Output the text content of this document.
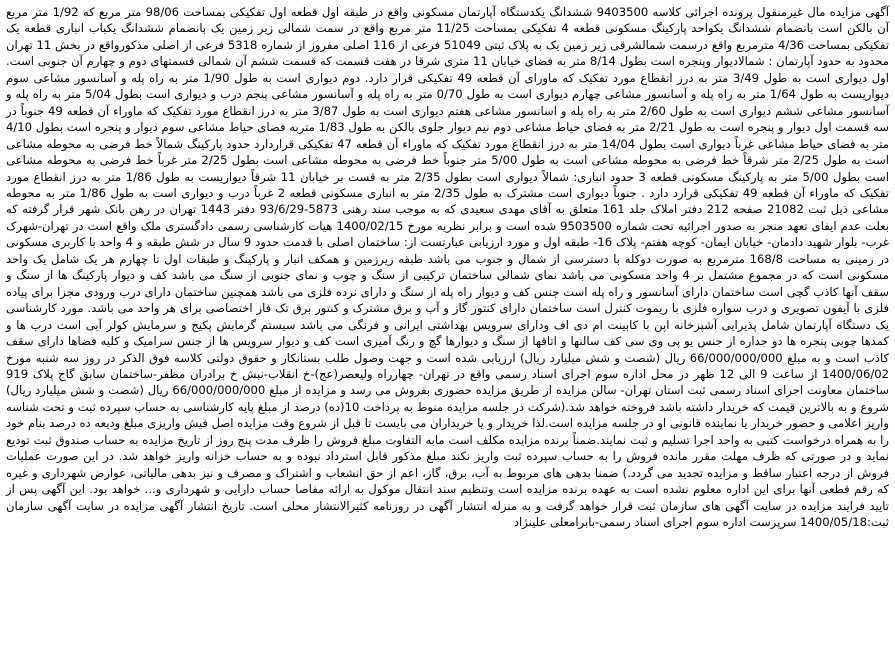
آگهی مزایده مال غیرمنقول پرونده اجرائی کلاسه 9403500 ششدانگ یکدستگاه آپارتمان مسکونی واقع در طبقه اول قطعه اول تفکیکی بمساحت 98/06 متر مربع که 1/92 متر مربع آن بالکن است بانضمام ششدانگ یکواحد پارکینگ مسکونی قطعه 4 تفکیکی بمساحت 11/25 متر مربع واقع در سمت شمالی زیر زمین یک بانضمام ششدانگ یکباب انباری قطعه یک تفکیکی بمساحت 4/36 مترمربع واقع درسمت شمالشرقی زیر زمین یک به پلاک ثبتی 51049 فرعی از 116 اصلی مفروز از شماره 5318 فرعی از اصلی مذکورواقع در بخش 11 تهران محدود به حدود آپارتمان : شمالادیوار وپنجره است بطول 8/14 متر به فضای خیابان 11 متری شرقا در هفت قسمت که قسمت ششم آن شمالی قسمتهای دوم و چهارم آن جنوبی است. اول دیواری است به طول 3/49 متر به درز انقطاع مورد تفکیک که ماورای آن قطعه 49 تفکیکی قرار دارد. دوم دیواری است به طول 1/90 متر به راه پله و آسانسور مشاعی سوم دیواریست به طول 1/64 متر به راه پله و آسانسور مشاعی چهارم دیواری است به طول 0/70 متر به راه پله و آسانسور مشاعی پنجم درب و دیواری است بطول 5/04 متر به راه پله و آسانسور مشاعی ششم دیواری است به طول 2/60 متر به راه پله و اسانسور مشاعی هفتم دیواری است به طول 3/87 متر به درز انقطاع مورد تفکیک که ماوراء آن قطعه 49 جنوباً در سه قسمت اول دیوار و پنجره است به طول 2/21 متر به فضای حیاط مشاعی دوم نیم دیوار جلوی بالکن به طول 1/83 متربه فضای حیاط مشاعی سوم دیوار و پنجره است بطول 4/10 متر به فضای حیاط مشاعی غرباً دیواری است بطول 14/04 متر به درز انقطاع مورد تفکیک که ماوراء آن قطعه 47 تفکیکی قراردارد حدود پارکینگ شمالاً خط فرضی به محوطه مشاعی است به طول 2/25 متر شرقاً خط فرضی به محوطه مشاعی است به طول 5/00 متر جنوباً خط فرضی به محوطه مشاعی است بطول 2/25 متر غرباً خط فرضی به محوطه مشاعی است بطول 5/00 متر به پارکینگ مسکونی قطعه 3 حدود انباری: شمالاً دیواری است بطول 2/35 متر به قست بر خیابان 11 شرقاً دیواریست به طول 1/86 متر به درز انقطاع مورد تفکیک که ماوراء آن قطعه 49 تفکیکی قرارد دارد . جنوباً دیواری است مشترک به طول 2/35 متر به انباری مسکونی قطعه 2 غرباً درب و دیواری است به طول 1/86 متر به محوطه مشاعی ذیل ثبت 21082 صفحه 212 دفتر املاک جلد 161 متعلق به آقای مهدی سعیدی که به موجب سند رهنی 5873-93/6/29 دفتر 1443 تهران در رهن بانک شهر قرار گرفته که بعلت عدم ایفای تعهد منجر به صدور اجرائیه تحت شماره 9503500 شده است و برابر نظریه مورخ 1400/02/15 هیات کارشناسی رسمی دادگستری ملک واقع است در تهران-شهرک غرب- بلوار شهید دادمان- خیابان ایمان- کوچه هفتم- پلاک 16- طبقه اول و مورد ارزیابی عبارتست از: ساختمان اصلی با قدمت حدود 9 سال در شش طبقه و 4 واحد با کاربری مسکونی در زمینی به مساحت 168/8 مترمربع به صورت دوکله با دسترسی از شمال و جنوب می باشد طبقه زیرزمین و همکف انبار و پارکینگ و طبقات اول تا چهارم هر یک شامل یک واحد مسکونی است که در مجموع مشتمل بر 4 واحد مسکونی می باشد نمای شمالی ساختمان ترکیبی از سنگ و چوب و نمای جنوبی از سنگ می باشد کف و دیوار پارکینگ ها از سنگ و سقف آنها کاذب گچی است ساختمان دارای آسانسور و راه پله است جنس کف و دیوار راه پله از سنگ و دارای نرده فلزی می باشد همچنین ساختمان دارای درب ورودی مجزا برای پیاده فلزی با آیفون تصویری و درب سواره فلزی با ریموت کنترل است ساختمان دارای کنتور گاز و آب و برق مشترک و کنتور برق تک فاز اختصاصی برای هر واحد می باشد. مورد کارشناسی یک دستگاه آپارتمان شامل پذیرایی آشپزخانه اپن با کابینت ام دی اف ودارای سرویس بهداشتی ایرانی و فرنگی می باشد سیستم گرمایش پکیج و سرمایش کولر آبی است درب ها و کمدها چوبی پنجره ها دو جداره از جنس یو پی وی سی کف سالنها و اتاقها از سنگ و دیوارها گچ و رنگ آمیزی است کف و دیوار سرویس ها از جنس سرامیک و کلیه فضاها دارای سقف کاذب است و به مبلغ 66/000/000/000 ریال (شصت و شش میلیارد ریال) ارزیابی شده است و جهت وصول طلب بستانکار و حقوق دولتی کلاسه فوق الذکر در روز سه شنبه مورخ 1400/06/02 از ساعت 9 الی 12 ظهر در محل اداره سوم اجرای اسناد رسمی واقع در تهران- چهارراه ولیعصر(عج)-خ انقلاب-نبش خ برادران مظفر-ساختمان سابق گاج پلاک 919 ساختمان معاونت اجرای اسناد رسمی ثبت استان تهران- سالن مزایده از طریق مزایده حضوری بفروش می رسد و مزایده از مبلغ 66/000/000/000 ریال (شصت و شش میلیارد ریال) شروع و به بالاترین قیمت که خریدار داشته باشد فروخته خواهد شد.(شرکت در جلسه مزایده منوط به پرداخت 10(ده) درصد از مبلغ پایه کارشناسی به حساب سپرده ثبت و تحت شناسه واریز اعلامی و حضور خریدار یا نماینده قانونی او در جلسه مزایده است.لذا خریدار و یا خریداران می بایست تا قبل از شروع وقت مزایده اصل فیش واریزی مبلغ ودیعه ده درصد بنام خود را به همراه درخواست کتبی به واحد اجرا تسلیم و ثبت نمایند.ضمناً برنده مزایده مکلف است مابه التفاوت مبلغ فروش را ظرف مدت پنج روز از تاریخ مزایده به حساب صندوق ثبت تودیع نماید و در صورتی که ظرف مهلت مقرر مانده فروش را به حساب سپرده ثبت واریز نکند مبلغ مذکور قابل استرداد نبوده و به حساب خزانه واریز خواهد شد. در این صورت عملیات فروش از درجه اعتبار ساقط و مزایده تجدید می گردد.) ضمنا بدهی های مربوط به آب، برق، گاز، اعم از حق انشعاب و اشتراک و مصرف و نیز بدهی مالیاتی، عوارض شهرداری و غیره که رقم قطعی آنها برای این اداره معلوم نشده است به عهده برنده مزایده است وتنظیم سند انتقال موکول به ارائه مفاصا حساب دارایی و شهرداری و... خواهد بود. این آگهی پس از تایید فرایند مزایده در سایت آگهی های سازمان ثبت قرار خواهد گرفت و به منزله انتشار آگهی در روزنامه کثیرالانتشار محلی است. تاریخ انتشار آگهی مزایده در سایت آگهی سازمان ثبت:1400/05/18 سرپرست اداره سوم اجرای اسناد رسمی-بابرامعلی علینژاد
